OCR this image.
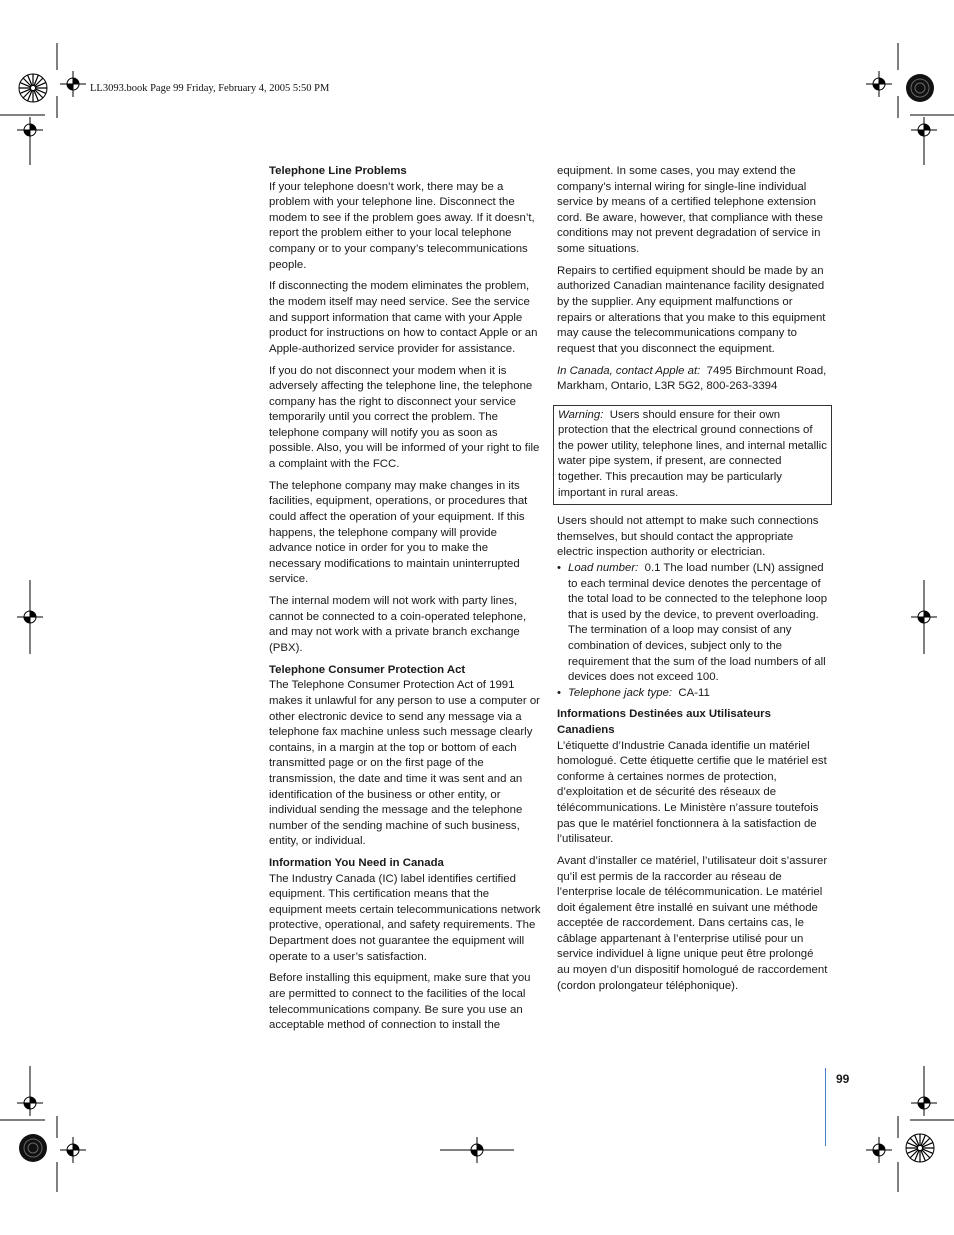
LL3093.book Page 99 Friday, February 4, 2005 5:50 PM
Telephone Line Problems

If your telephone doesn’t work, there may be a problem with your telephone line. Disconnect the modem to see if the problem goes away. If it doesn’t, report the problem either to your local telephone company or to your company’s telecommunications people.

If disconnecting the modem eliminates the problem, the modem itself may need service. See the service and support information that came with your Apple product for instructions on how to contact Apple or an Apple-authorized service provider for assistance.

If you do not disconnect your modem when it is adversely affecting the telephone line, the telephone company has the right to disconnect your service temporarily until you correct the problem. The telephone company will notify you as soon as possible. Also, you will be informed of your right to file a complaint with the FCC.

The telephone company may make changes in its facilities, equipment, operations, or procedures that could affect the operation of your equipment. If this happens, the telephone company will provide advance notice in order for you to make the necessary modifications to maintain uninterrupted service.

The internal modem will not work with party lines, cannot be connected to a coin-operated telephone, and may not work with a private branch exchange (PBX).

Telephone Consumer Protection Act

The Telephone Consumer Protection Act of 1991 makes it unlawful for any person to use a computer or other electronic device to send any message via a telephone fax machine unless such message clearly contains, in a margin at the top or bottom of each transmitted page or on the first page of the transmission, the date and time it was sent and an identification of the business or other entity, or individual sending the message and the telephone number of the sending machine of such business, entity, or individual.

Information You Need in Canada

The Industry Canada (IC) label identifies certified equipment. This certification means that the equipment meets certain telecommunications network protective, operational, and safety requirements. The Department does not guarantee the equipment will operate to a user’s satisfaction.

Before installing this equipment, make sure that you are permitted to connect to the facilities of the local telecommunications company. Be sure you use an acceptable method of connection to install the

equipment. In some cases, you may extend the company’s internal wiring for single-line individual service by means of a certified telephone extension cord. Be aware, however, that compliance with these conditions may not prevent degradation of service in some situations.

Repairs to certified equipment should be made by an authorized Canadian maintenance facility designated by the supplier. Any equipment malfunctions or repairs or alterations that you make to this equipment may cause the telecommunications company to request that you disconnect the equipment.

In Canada, contact Apple at: 7495 Birchmount Road, Markham, Ontario, L3R 5G2, 800-263-3394

Warning: Users should ensure for their own protection that the electrical ground connections of the power utility, telephone lines, and internal metallic water pipe system, if present, are connected together. This precaution may be particularly important in rural areas.

Users should not attempt to make such connections themselves, but should contact the appropriate electric inspection authority or electrician.

• Load number: 0.1 The load number (LN) assigned to each terminal device denotes the percentage of the total load to be connected to the telephone loop that is used by the device, to prevent overloading. The termination of a loop may consist of any combination of devices, subject only to the requirement that the sum of the load numbers of all devices does not exceed 100.
• Telephone jack type: CA-11
Informations Destinées aux Utilisateurs Canadiens

L’étiquette d’Industrie Canada identifie un matériel homologué. Cette étiquette certifie que le matériel est conforme à certaines normes de protection, d’exploitation et de sécurité des réseaux de télécommunications. Le Ministère n’assure toutefois pas que le matériel fonctionnera à la satisfaction de l’utilisateur.

Avant d’installer ce matériel, l’utilisateur doit s’assurer qu’il est permis de la raccorder au réseau de l’enterprise locale de télécommunication. Le matériel doit également être installé en suivant une méthode acceptée de raccordement. Dans certains cas, le câblage appartenant à l’enterprise utilisé pour un service individuel à ligne unique peut être prolongé au moyen d’un dispositif homologué de raccordement (cordon prolongateur téléphonique).

99
